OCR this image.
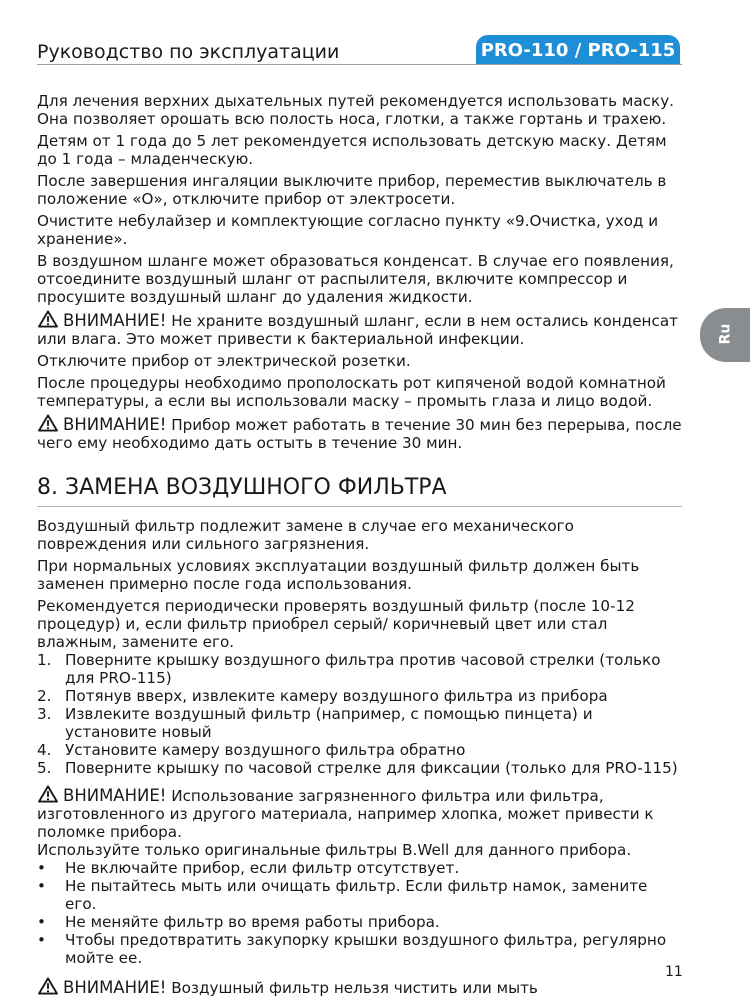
Руководство по эксплуатации	PRO-110 / PRO-115
Ru

Для лечения верхних дыхательных путей рекомендуется использовать маску. Она позволяет орошать всю полость носа, глотки, а также гортань и трахею.

Детям от 1 года до 5 лет рекомендуется использовать детскую маску. Детям до 1 года – младенческую.

После завершения ингаляции выключите прибор, переместив выключатель в положение «O», отключите прибор от электросети.

Очистите небулайзер и комплектующие согласно пункту «9.Очистка, уход и хранение».

В воздушном шланге может образоваться конденсат. В случае его появления, отсоедините воздушный шланг от распылителя, включите компрессор и просушите воздушный шланг до удаления жидкости.

ВНИМАНИЕ! Не храните воздушный шланг, если в нем остались конденсат или влага. Это может привести к бактериальной инфекции.

Отключите прибор от электрической розетки.

После процедуры необходимо прополоскать рот кипяченой водой комнатной температуры, а если вы использовали маску – промыть глаза и лицо водой.

ВНИМАНИЕ! Прибор может работать в течение 30 мин без перерыва, после чего ему необходимо дать остыть в течение 30 мин.

8. ЗАМЕНА ВОЗДУШНОГО ФИЛЬТРА

Воздушный фильтр подлежит замене в случае его механического повреждения или сильного загрязнения.

При нормальных условиях эксплуатации воздушный фильтр должен быть заменен примерно после года использования.

Рекомендуется периодически проверять воздушный фильтр (после 10-12 процедур) и, если фильтр приобрел серый/ коричневый цвет или стал влажным, замените его.

1. Поверните крышку воздушного фильтра против часовой стрелки (только для PRO-115)
2. Потянув вверх, извлеките камеру воздушного фильтра из прибора
3. Извлеките воздушный фильтр (например, с помощью пинцета) и установите новый
4. Установите камеру воздушного фильтра обратно
5. Поверните крышку по часовой стрелке для фиксации (только для PRO-115)

ВНИМАНИЕ! Использование загрязненного фильтра или фильтра, изготовленного из другого материала, например хлопка, может привести к поломке прибора.

Используйте только оригинальные фильтры B.Well для данного прибора.

• Не включайте прибор, если фильтр отсутствует.
• Не пытайтесь мыть или очищать фильтр. Если фильтр намок, замените его.
• Не меняйте фильтр во время работы прибора.
• Чтобы предотвратить закупорку крышки воздушного фильтра, регулярно мойте ее.

ВНИМАНИЕ! Воздушный фильтр нельзя чистить или мыть

11
